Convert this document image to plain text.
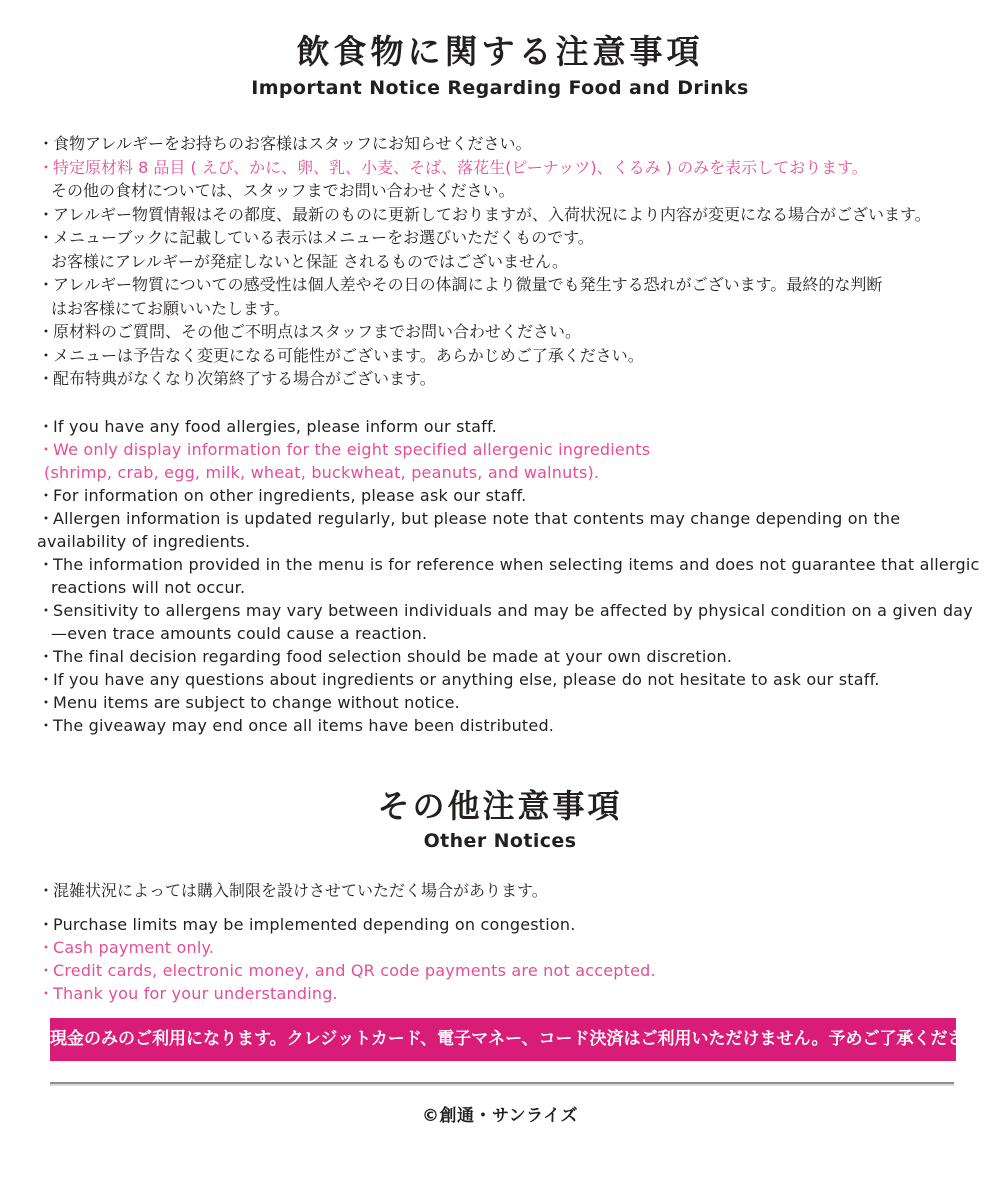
飲食物に関する注意事項
Important Notice Regarding Food and Drinks
・食物アレルギーをお持ちのお客様はスタッフにお知らせください。
・特定原材料 8 品目 ( えび、かに、卵、乳、小麦、そば、落花生(ピーナッツ)、くるみ ) のみを表示しております。
その他の食材については、スタッフまでお問い合わせください。
・アレルギー物質情報はその都度、最新のものに更新しておりますが、入荷状況により内容が変更になる場合がございます。
・メニューブックに記載している表示はメニューをお選びいただくものです。
お客様にアレルギーが発症しないと保証 されるものではございません。
・アレルギー物質についての感受性は個人差やその日の体調により微量でも発生する恐れがございます。最終的な判断
はお客様にてお願いいたします。
・原材料のご質問、その他ご不明点はスタッフまでお問い合わせください。
・メニューは予告なく変更になる可能性がございます。あらかじめご了承ください。
・配布特典がなくなり次第終了する場合がございます。
・If you have any food allergies, please inform our staff.
・We only display information for the eight specified allergenic ingredients
(shrimp, crab, egg, milk, wheat, buckwheat, peanuts, and walnuts).
・For information on other ingredients, please ask our staff.
・Allergen information is updated regularly, but please note that contents may change depending on the
availability of ingredients.
・The information provided in the menu is for reference when selecting items and does not guarantee that allergic
reactions will not occur.
・Sensitivity to allergens may vary between individuals and may be affected by physical condition on a given day
—even trace amounts could cause a reaction.
・The final decision regarding food selection should be made at your own discretion.
・If you have any questions about ingredients or anything else, please do not hesitate to ask our staff.
・Menu items are subject to change without notice.
・The giveaway may end once all items have been distributed.
その他注意事項
Other Notices
・混雑状況によっては購入制限を設けさせていただく場合があります。
・Purchase limits may be implemented depending on congestion.
・Cash payment only.
・Credit cards, electronic money, and QR code payments are not accepted.
・Thank you for your understanding.
現金のみのご利用になります。クレジットカード、電子マネー、コード決済はご利用いただけません。予めご了承ください。
©創通・サンライズ
